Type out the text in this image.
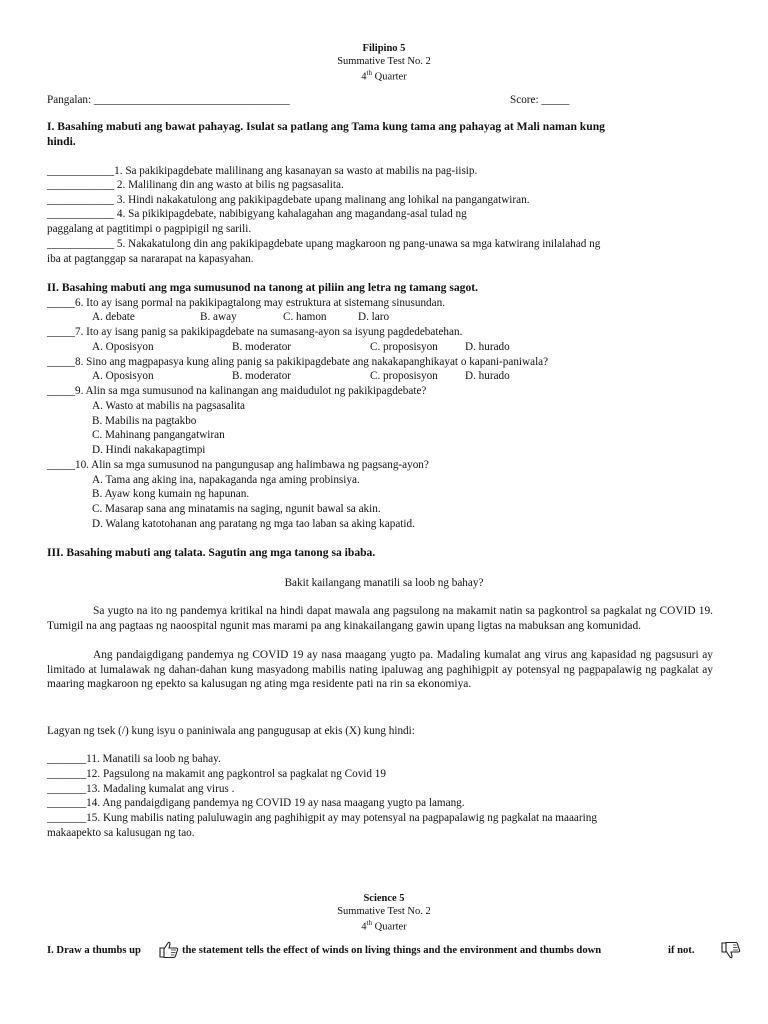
Filipino 5
Summative Test No. 2
4th Quarter
Pangalan: ___________________________________	Score: _____
I. Basahing mabuti ang bawat pahayag. Isulat sa patlang ang Tama kung tama ang pahayag at Mali naman kung
hindi.
____________1. Sa pakikipagdebate malilinang ang kasanayan sa wasto at mabilis na pag-iisip.
____________ 2. Malilinang din ang wasto at bilis ng pagsasalita.
____________ 3. Hindi nakakatulong ang pakikipagdebate upang malinang ang lohikal na pangangatwiran.
____________ 4. Sa pikikipagdebate, nabibigyang kahalagahan ang magandang-asal tulad ng
paggalang at pagtitimpi o pagpipigil ng sarili.
____________ 5. Nakakatulong din ang pakikipagdebate upang magkaroon ng pang-unawa sa mga katwirang inilalahad ng
iba at pagtanggap sa nararapat na kapasyahan.
II. Basahing mabuti ang mga sumusunod na tanong at piliin ang letra ng tamang sagot.
_____6. Ito ay isang pormal na pakikipagtalong may estruktura at sistemang sinusundan.
A. debate	B. away	C. hamon	D. laro
_____7. Ito ay isang panig sa pakikipagdebate na sumasang-ayon sa isyung pagdedebatehan.
A. Oposisyon	B. moderator	C. proposisyon D. hurado
_____8. Sino ang magpapasya kung aling panig sa pakikipagdebate ang nakakapanghikayat o kapani-paniwala?
A. Oposisyon	B. moderator	C. proposisyon D. hurado
_____9. Alin sa mga sumusunod na kalinangan ang maidudulot ng pakikipagdebate?
A. Wasto at mabilis na pagsasalita
B. Mabilis na pagtakbo
C. Mahinang pangangatwiran
D. Hindi nakakapagtimpi
_____10. Alin sa mga sumusunod na pangungusap ang halimbawa ng pagsang-ayon?
A. Tama ang aking ina, napakaganda nga aming probinsiya.
B. Ayaw kong kumain ng hapunan.
C. Masarap sana ang minatamis na saging, ngunit bawal sa akin.
D. Walang katotohanan ang paratang ng mga tao laban sa aking kapatid.
III. Basahing mabuti ang talata. Sagutin ang mga tanong sa ibaba.
Bakit kailangang manatili sa loob ng bahay?
Sa yugto na ito ng pandemya kritikal na hindi dapat mawala ang pagsulong na makamit natin sa pagkontrol sa pagkalat ng COVID 19. Tumigil na ang pagtaas ng naoospital ngunit mas marami pa ang kinakailangang gawin upang ligtas na mabuksan ang komunidad.
Ang pandaigdigang pandemya ng COVID 19 ay nasa maagang yugto pa. Madaling kumalat ang virus ang kapasidad ng pagsusuri ay limitado at lumalawak ng dahan-dahan kung masyadong mabilis nating ipaluwag ang paghihigpit ay potensyal ng pagpapalawig ng pagkalat ay maaring magkaroon ng epekto sa kalusugan ng ating mga residente pati na rin sa ekonomiya.
Lagyan ng tsek (/) kung isyu o paniniwala ang pangugusap at ekis (X) kung hindi:
_______11. Manatili sa loob ng bahay.
_______12. Pagsulong na makamit ang pagkontrol sa pagkalat ng Covid 19
_______13. Madaling kumalat ang virus .
_______14. Ang pandaigdigang pandemya ng COVID 19 ay nasa maagang yugto pa lamang.
_______15. Kung mabilis nating paluluwagin ang paghihigpit ay may potensyal na pagpapalawig ng pagkalat na maaaring
makaapekto sa kalusugan ng tao.
Science 5
Summative Test No. 2
4th Quarter
I. Draw a thumbs up	the statement tells the effect of winds on living things and the environment and thumbs down	if not.
